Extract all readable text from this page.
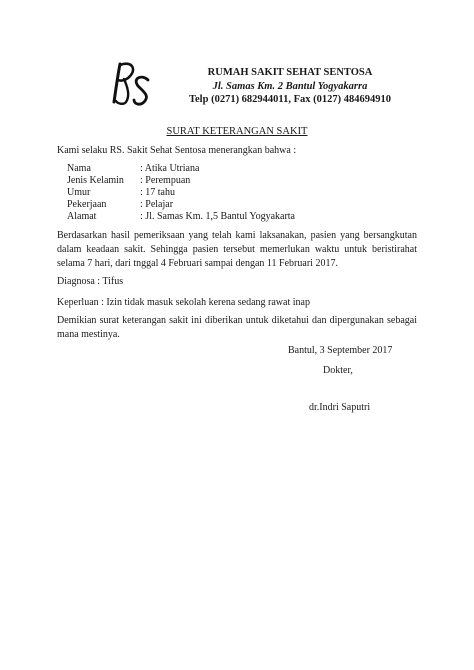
RUMAH SAKIT SEHAT SENTOSA
Jl. Samas Km. 2 Bantul Yogyakarra
Telp (0271) 682944011, Fax (0127) 484694910
SURAT KETERANGAN SAKIT
Kami selaku RS. Sakit Sehat Sentosa menerangkan bahwa :
Nama	: Atika Utriana
Jenis Kelamin : Perempuan
Umur	: 17 tahu
Pekerjaan	: Pelajar
Alamat	: Jl. Samas Km. 1,5 Bantul Yogyakarta
Berdasarkan hasil pemeriksaan yang telah kami laksanakan, pasien yang bersangkutan dalam keadaan sakit. Sehingga pasien tersebut memerlukan waktu untuk beristirahat selama 7 hari, dari tnggal 4 Februari sampai dengan 11 Februari 2017.
Diagnosa : Tifus
Keperluan : Izin tidak masuk sekolah kerena sedang rawat inap
Demikian surat keterangan sakit ini diberikan untuk diketahui dan dipergunakan sebagai mana mestinya.
Bantul, 3 September 2017
Dokter,
dr.Indri Saputri
